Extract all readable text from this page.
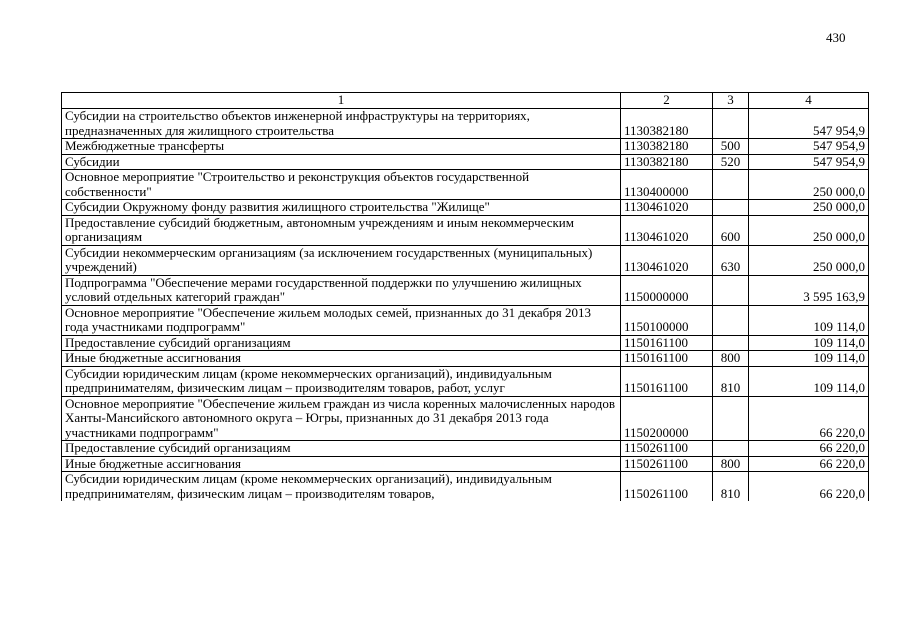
430
1	2	3	4
Субсидии на строительство объектов инженерной инфраструктуры на территориях, предназначенных для жилищного строительства	1130382180		547 954,9
Межбюджетные трансферты	1130382180	500	547 954,9
Субсидии	1130382180	520	547 954,9
Основное мероприятие "Строительство и реконструкция объектов государственной собственности"	1130400000		250 000,0
Субсидии Окружному фонду развития жилищного строительства "Жилище"	1130461020		250 000,0
Предоставление субсидий бюджетным, автономным учреждениям и иным некоммерческим организациям	1130461020	600	250 000,0
Субсидии некоммерческим организациям (за исключением государственных (муниципальных) учреждений)	1130461020	630	250 000,0
Подпрограмма "Обеспечение мерами государственной поддержки по улучшению жилищных условий отдельных категорий граждан"	1150000000		3 595 163,9
Основное мероприятие "Обеспечение жильем молодых семей, признанных до 31 декабря 2013 года участниками подпрограмм"	1150100000		109 114,0
Предоставление субсидий организациям	1150161100		109 114,0
Иные бюджетные ассигнования	1150161100	800	109 114,0
Субсидии юридическим лицам (кроме некоммерческих организаций), индивидуальным предпринимателям, физическим лицам – производителям товаров, работ, услуг	1150161100	810	109 114,0
Основное мероприятие "Обеспечение жильем граждан из числа коренных малочисленных народов Ханты-Мансийского автономного округа – Югры, признанных до 31 декабря 2013 года участниками подпрограмм"	1150200000		66 220,0
Предоставление субсидий организациям	1150261100		66 220,0
Иные бюджетные ассигнования	1150261100	800	66 220,0
Субсидии юридическим лицам (кроме некоммерческих организаций), индивидуальным предпринимателям, физическим лицам – производителям товаров,	1150261100	810	66 220,0
